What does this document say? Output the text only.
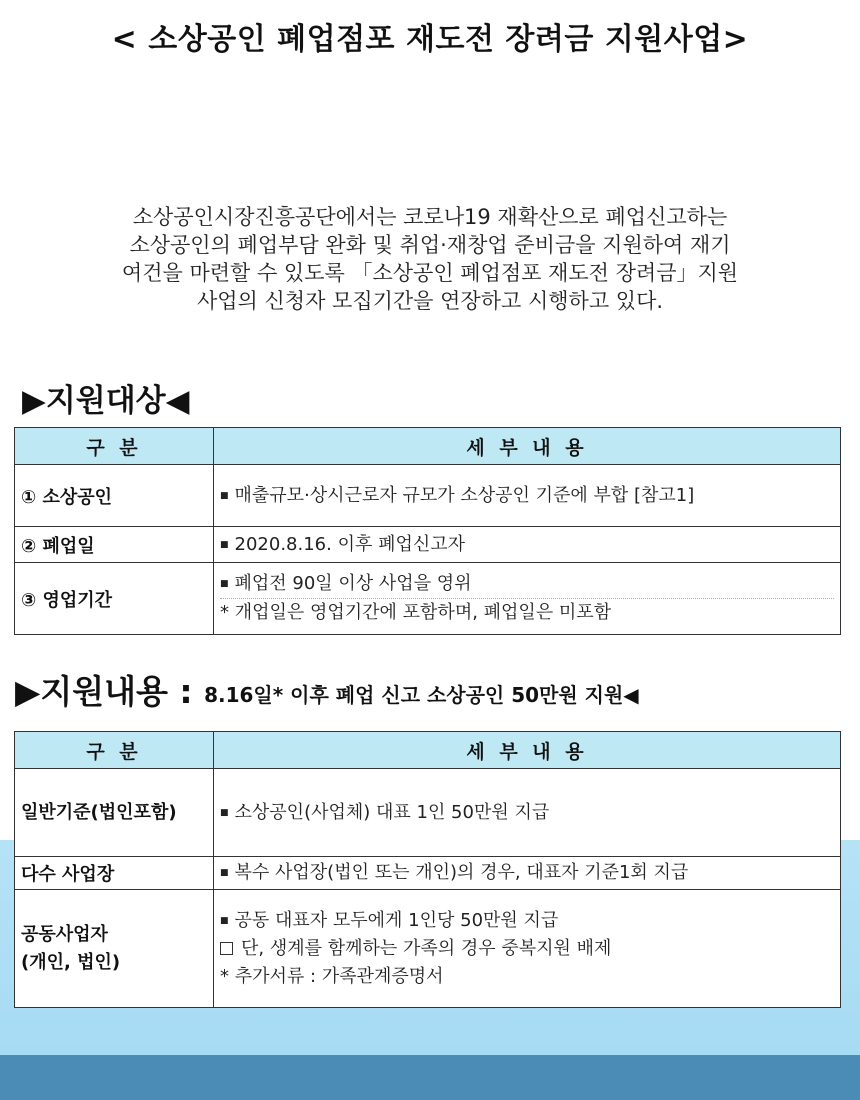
< 소상공인 폐업점포 재도전 장려금 지원사업>
소상공인시장진흥공단에서는 코로나19 재확산으로 폐업신고하는
소상공인의 폐업부담 완화 및 취업·재창업 준비금을 지원하여 재기
여건을 마련할 수 있도록 「소상공인 폐업점포 재도전 장려금」지원
사업의 신청자 모집기간을 연장하고 시행하고 있다.
▶지원대상◀
구 분	세 부 내 용
① 소상공인	■ 매출규모·상시근로자 규모가 소상공인 기준에 부합 [참고1]

② 폐업일	■ 2020.8.16. 이후 폐업신고자

③ 영업기간	■ 폐업전 90일 이상 사업을 영위
* 개업일은 영업기간에 포함하며, 폐업일은 미포함
▶지원내용 : 8.16일* 이후 폐업 신고 소상공인 50만원 지원◀
구 분	세 부 내 용
일반기준(법인포함)	■ 소상공인(사업체) 대표 1인 50만원 지급

다수 사업장	■ 복수 사업장(법인 또는 개인)의 경우, 대표자 기준1회 지급

공동사업자
(개인, 법인)	■ 공동 대표자 모두에게 1인당 50만원 지급
단, 생계를 함께하는 가족의 경우 중복지원 배제
* 추가서류 : 가족관계증명서
